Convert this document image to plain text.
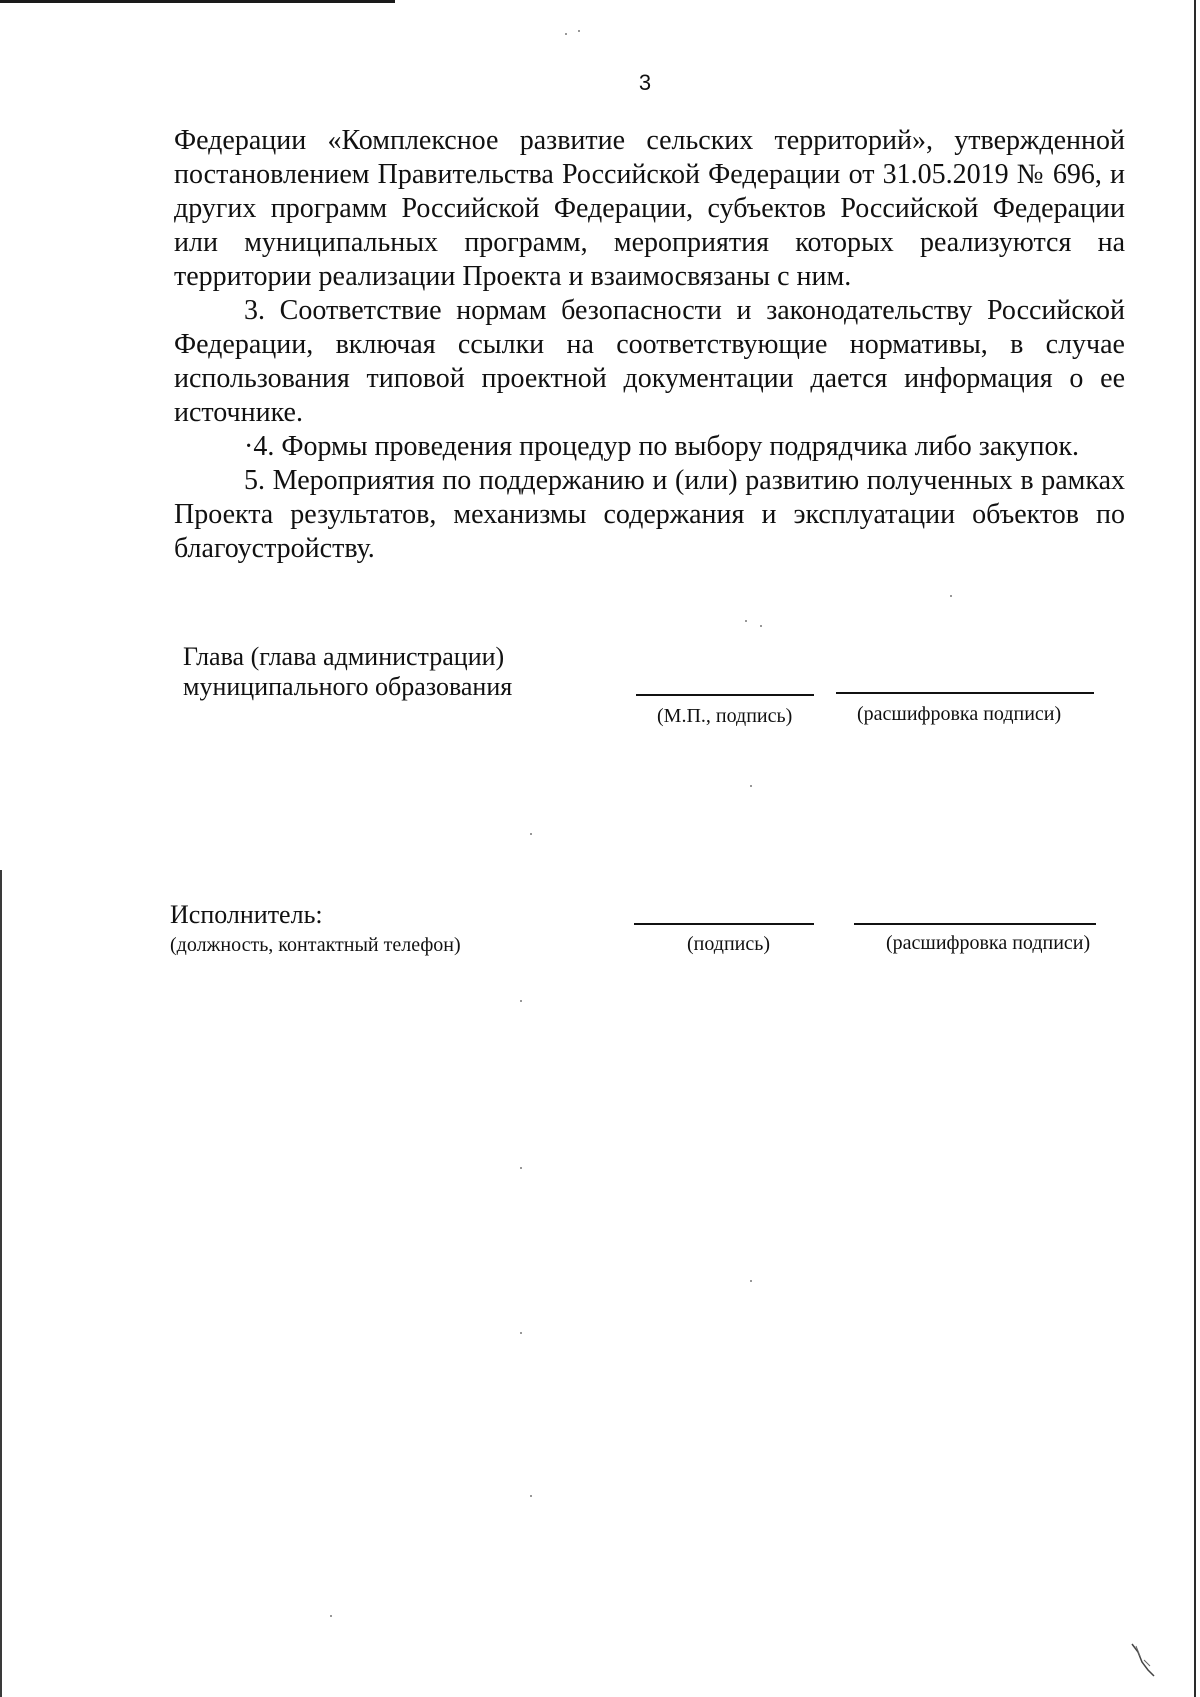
3

Федерации «Комплексное развитие сельских территорий», утвержденной постановлением Правительства Российской Федерации от 31.05.2019 № 696, и других программ Российской Федерации, субъектов Российской Федерации или муниципальных программ, мероприятия которых реализуются на территории реализации Проекта и взаимосвязаны с ним.

3. Соответствие нормам безопасности и законодательству Российской Федерации, включая ссылки на соответствующие нормативы, в случае использования типовой проектной документации дается информация о ее источнике.

·4. Формы проведения процедур по выбору подрядчика либо закупок.

5. Мероприятия по поддержанию и (или) развитию полученных в рамках Проекта результатов, механизмы содержания и эксплуатации объектов по благоустройству.

Глава (глава администрации)
муниципального образования
(М.П., подпись)	(расшифровка подписи)
Исполнитель:
(должность, контактный телефон)	(подпись)	(расшифровка подписи)
